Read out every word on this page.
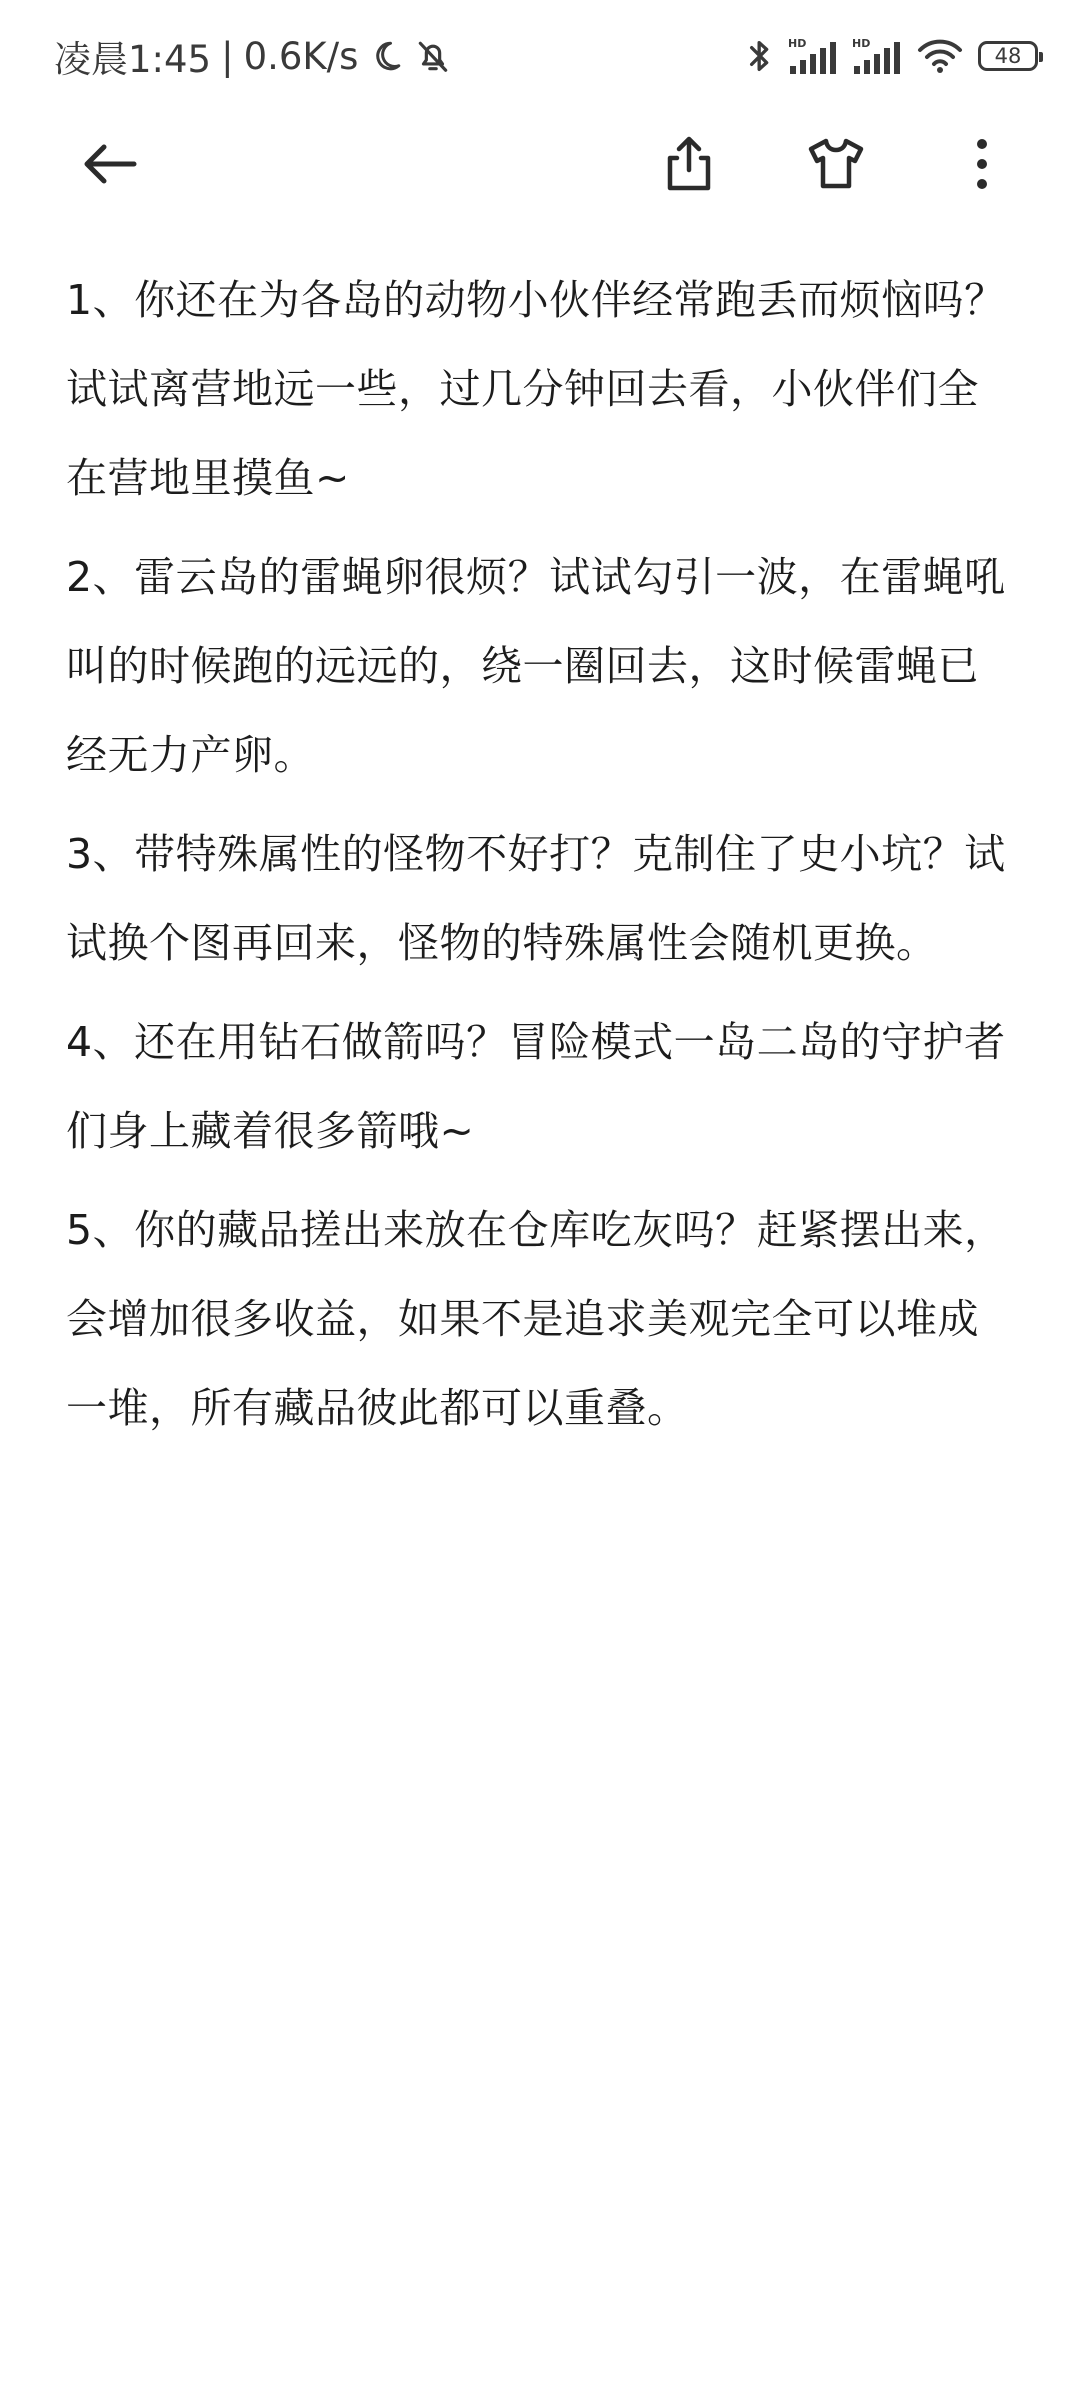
凌晨1:45 | 0.6K/s	HD	HD
48

1、你还在为各岛的动物小伙伴经常跑丢而烦恼吗？试试离营地远一些，过几分钟回去看，小伙伴们全在营地里摸鱼~

2、雷云岛的雷蝇卵很烦？试试勾引一波，在雷蝇吼叫的时候跑的远远的，绕一圈回去，这时候雷蝇已经无力产卵。

3、带特殊属性的怪物不好打？克制住了史小坑？试试换个图再回来，怪物的特殊属性会随机更换。

4、还在用钻石做箭吗？冒险模式一岛二岛的守护者们身上藏着很多箭哦~

5、你的藏品搓出来放在仓库吃灰吗？赶紧摆出来，会增加很多收益，如果不是追求美观完全可以堆成一堆，所有藏品彼此都可以重叠。
